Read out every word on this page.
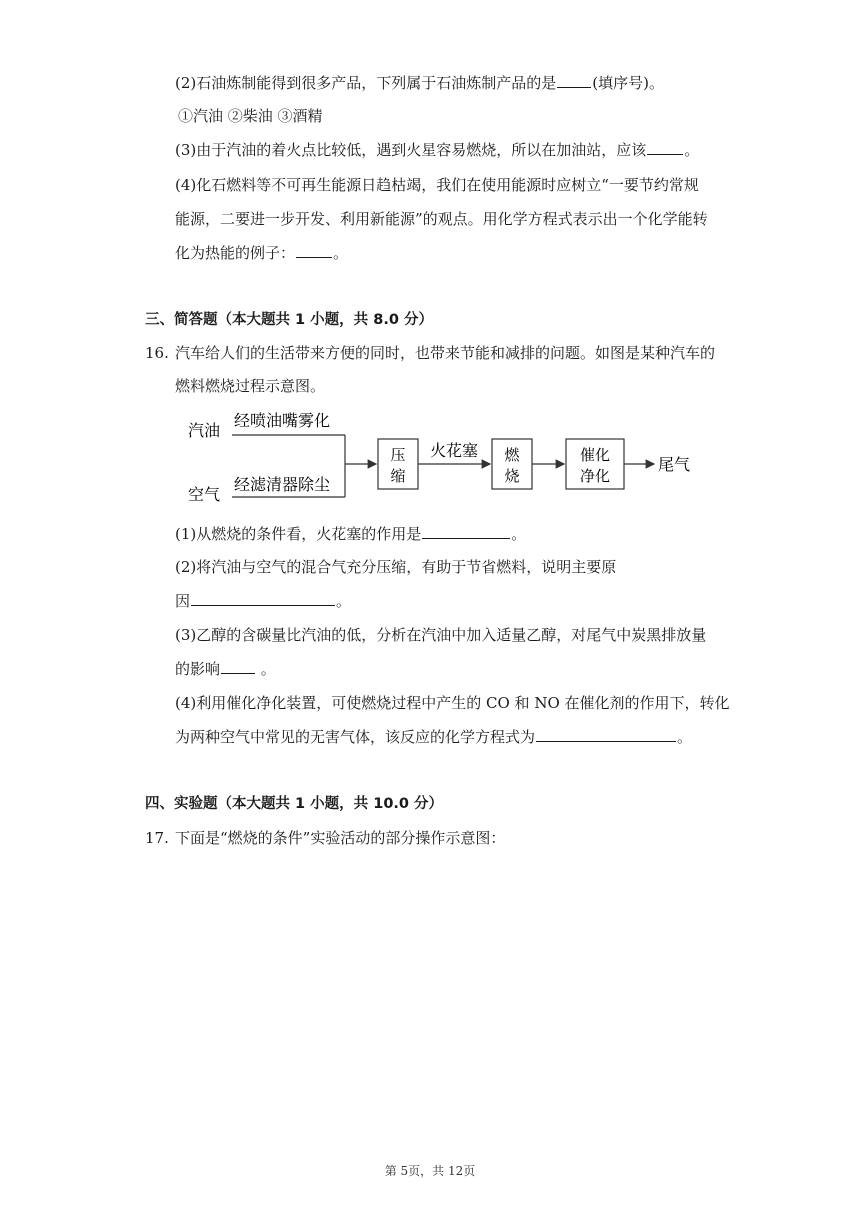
(2)石油炼制能得到很多产品，下列属于石油炼制产品的是 (填序号)。
①汽油 ②柴油 ③酒精
(3)由于汽油的着火点比较低，遇到火星容易燃烧，所以在加油站，应该	。
(4)化石燃料等不可再生能源日趋枯竭，我们在使用能源时应树立“一要节约常规
能源，二要进一步开发、利用新能源”的观点。用化学方程式表示出一个化学能转
化为热能的例子：	。
三、简答题（本大题共 1 小题，共 8.0 分）
16. 汽车给人们的生活带来方便的同时，也带来节能和减排的问题。如图是某种汽车的
燃料燃烧过程示意图。
汽油
空气
经喷油嘴雾化
经滤清器除尘
压
缩
火花塞 燃
烧
催化
净化
尾气
(1)从燃烧的条件看，火花塞的作用是	。
(2)将汽油与空气的混合气充分压缩，有助于节省燃料，说明主要原
因	。
(3)乙醇的含碳量比汽油的低，分析在汽油中加入适量乙醇，对尾气中炭黑排放量
的影响 。
(4)利用催化净化装置，可使燃烧过程中产生的 CO 和 NO 在催化剂的作用下，转化
为两种空气中常见的无害气体，该反应的化学方程式为	。
四、实验题（本大题共 1 小题，共 10.0 分）
17. 下面是“燃烧的条件”实验活动的部分操作示意图：
第 5页，共 12页
